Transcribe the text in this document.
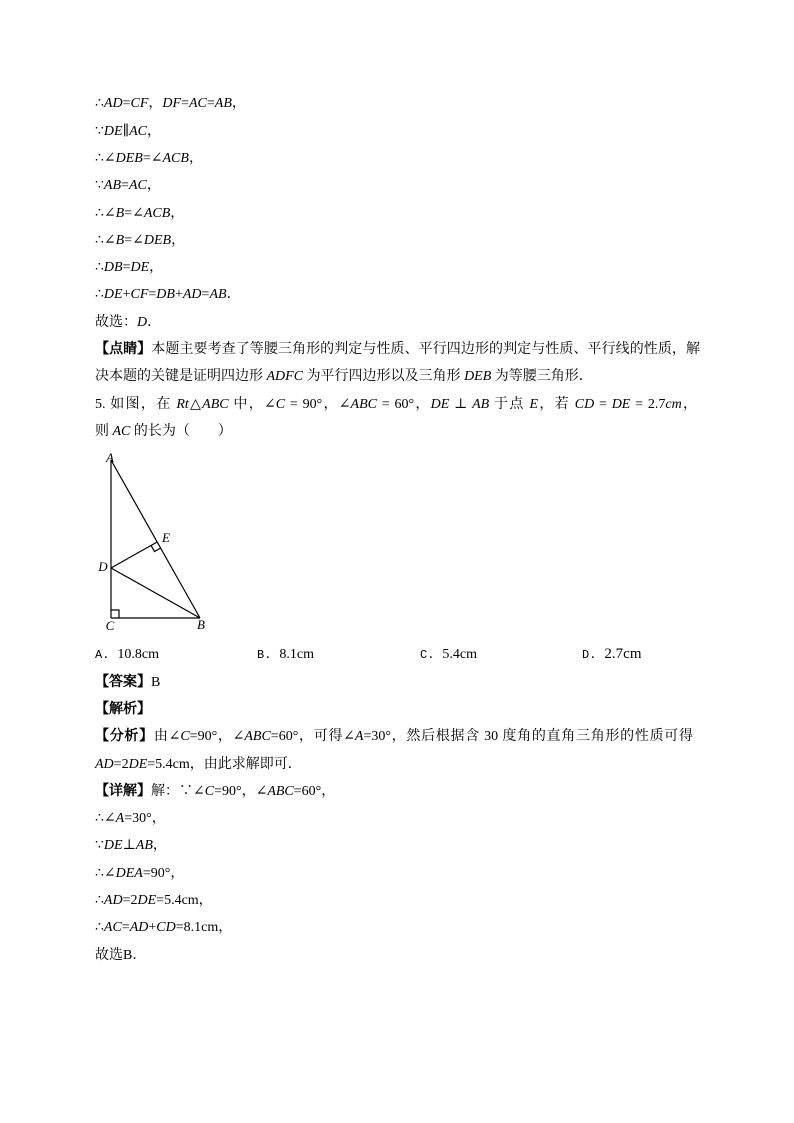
∴AD=CF，DF=AC=AB，
∵DE∥AC，
∴∠DEB=∠ACB，
∵AB=AC，
∴∠B=∠ACB，
∴∠B=∠DEB，
∴DB=DE，
∴DE+CF=DB+AD=AB．
故选：D．
【点睛】本题主要考查了等腰三角形的判定与性质、平行四边形的判定与性质、平行线的性质，解
决本题的关键是证明四边形 ADFC 为平行四边形以及三角形 DEB 为等腰三角形．
5. 如图，在 Rt△ABC 中，∠C = 90°，∠ABC = 60°，DE ⊥ AB 于点 E，若 CD = DE = 2.7cm，
则 AC 的长为（　　）
A
E
D
C	B
A. 10.8cm	B. 8.1cm	C. 5.4cm	D. 2.7cm
【答案】B
【解析】
【分析】由∠C=90°，∠ABC=60°，可得∠A=30°，然后根据含 30 度角的直角三角形的性质可得
AD=2DE=5.4cm，由此求解即可．
【详解】解：∵∠C=90°，∠ABC=60°，
∴∠A=30°，
∵DE⊥AB，
∴∠DEA=90°，
∴AD=2DE=5.4cm，
∴AC=AD+CD=8.1cm，
故选B．
